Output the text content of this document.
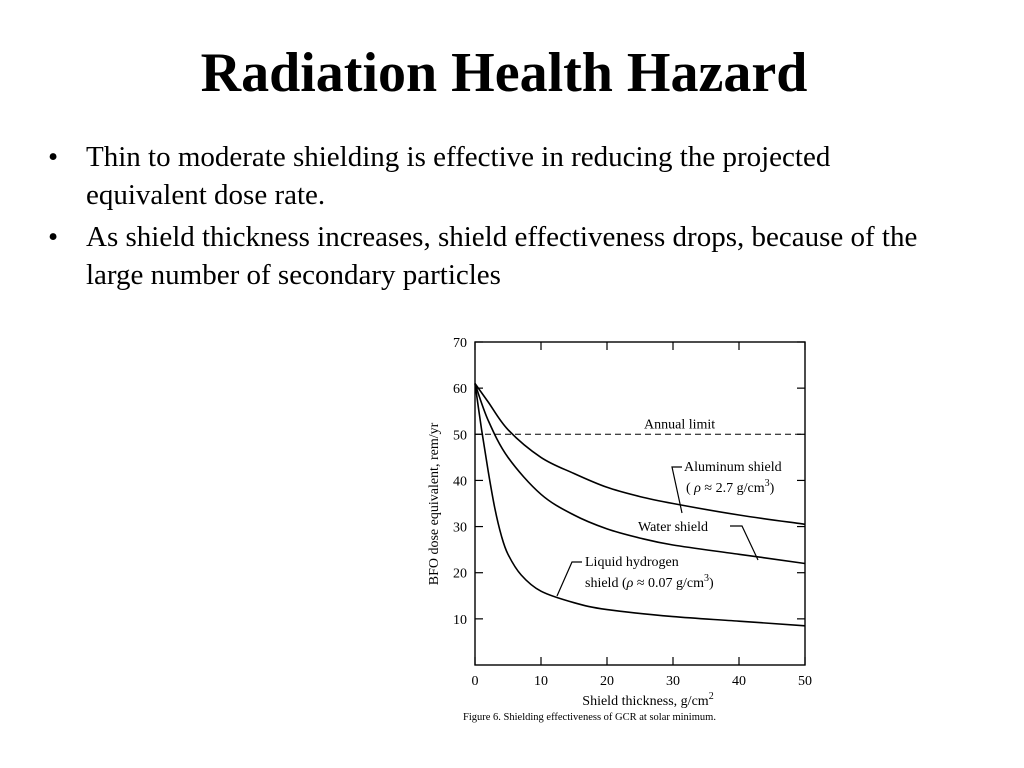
Radiation Health Hazard
• Thin to moderate shielding is effective in reducing the projected equivalent dose rate.
• As shield thickness increases, shield effectiveness drops, because of the large number of secondary particles
0	10	20	30	40	50
10
20
30
40
50
60
70
Annual limit
Aluminum shield
( ρ ≈ 2.7 $g/cm^3$)
Water shield
Liquid hydrogen
shield (ρ ≈ 0.07 $g/cm^3$)
BFO dose equivalent, rem/yr
Shield thickness, $g/cm^2$
Figure 6. Shielding effectiveness of GCR at solar minimum.
